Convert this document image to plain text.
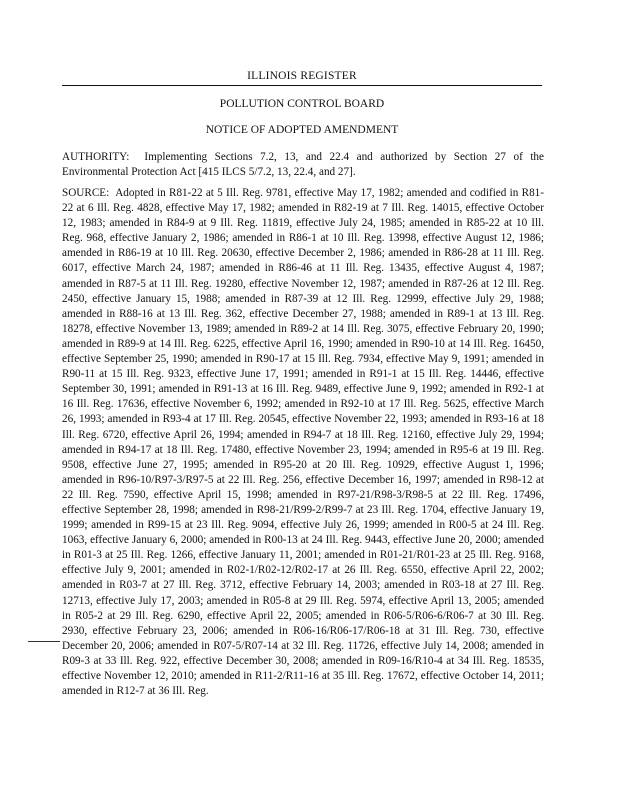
ILLINOIS REGISTER
POLLUTION CONTROL BOARD
NOTICE OF ADOPTED AMENDMENT
AUTHORITY: Implementing Sections 7.2, 13, and 22.4 and authorized by Section 27 of the Environmental Protection Act [415 ILCS 5/7.2, 13, 22.4, and 27].
SOURCE: Adopted in R81-22 at 5 Ill. Reg. 9781, effective May 17, 1982; amended and codified in R81-22 at 6 Ill. Reg. 4828, effective May 17, 1982; amended in R82-19 at 7 Ill. Reg. 14015, effective October 12, 1983; amended in R84-9 at 9 Ill. Reg. 11819, effective July 24, 1985; amended in R85-22 at 10 Ill. Reg. 968, effective January 2, 1986; amended in R86-1 at 10 Ill. Reg. 13998, effective August 12, 1986; amended in R86-19 at 10 Ill. Reg. 20630, effective December 2, 1986; amended in R86-28 at 11 Ill. Reg. 6017, effective March 24, 1987; amended in R86-46 at 11 Ill. Reg. 13435, effective August 4, 1987; amended in R87-5 at 11 Ill. Reg. 19280, effective November 12, 1987; amended in R87-26 at 12 Ill. Reg. 2450, effective January 15, 1988; amended in R87-39 at 12 Ill. Reg. 12999, effective July 29, 1988; amended in R88-16 at 13 Ill. Reg. 362, effective December 27, 1988; amended in R89-1 at 13 Ill. Reg. 18278, effective November 13, 1989; amended in R89-2 at 14 Ill. Reg. 3075, effective February 20, 1990; amended in R89-9 at 14 Ill. Reg. 6225, effective April 16, 1990; amended in R90-10 at 14 Ill. Reg. 16450, effective September 25, 1990; amended in R90-17 at 15 Ill. Reg. 7934, effective May 9, 1991; amended in R90-11 at 15 Ill. Reg. 9323, effective June 17, 1991; amended in R91-1 at 15 Ill. Reg. 14446, effective September 30, 1991; amended in R91-13 at 16 Ill. Reg. 9489, effective June 9, 1992; amended in R92-1 at 16 Ill. Reg. 17636, effective November 6, 1992; amended in R92-10 at 17 Ill. Reg. 5625, effective March 26, 1993; amended in R93-4 at 17 Ill. Reg. 20545, effective November 22, 1993; amended in R93-16 at 18 Ill. Reg. 6720, effective April 26, 1994; amended in R94-7 at 18 Ill. Reg. 12160, effective July 29, 1994; amended in R94-17 at 18 Ill. Reg. 17480, effective November 23, 1994; amended in R95-6 at 19 Ill. Reg. 9508, effective June 27, 1995; amended in R95-20 at 20 Ill. Reg. 10929, effective August 1, 1996; amended in R96-10/R97-3/R97-5 at 22 Ill. Reg. 256, effective December 16, 1997; amended in R98-12 at 22 Ill. Reg. 7590, effective April 15, 1998; amended in R97-21/R98-3/R98-5 at 22 Ill. Reg. 17496, effective September 28, 1998; amended in R98-21/R99-2/R99-7 at 23 Ill. Reg. 1704, effective January 19, 1999; amended in R99-15 at 23 Ill. Reg. 9094, effective July 26, 1999; amended in R00-5 at 24 Ill. Reg. 1063, effective January 6, 2000; amended in R00-13 at 24 Ill. Reg. 9443, effective June 20, 2000; amended in R01-3 at 25 Ill. Reg. 1266, effective January 11, 2001; amended in R01-21/R01-23 at 25 Ill. Reg. 9168, effective July 9, 2001; amended in R02-1/R02-12/R02-17 at 26 Ill. Reg. 6550, effective April 22, 2002; amended in R03-7 at 27 Ill. Reg. 3712, effective February 14, 2003; amended in R03-18 at 27 Ill. Reg. 12713, effective July 17, 2003; amended in R05-8 at 29 Ill. Reg. 5974, effective April 13, 2005; amended in R05-2 at 29 Ill. Reg. 6290, effective April 22, 2005; amended in R06-5/R06-6/R06-7 at 30 Ill. Reg. 2930, effective February 23, 2006; amended in R06-16/R06-17/R06-18 at 31 Ill. Reg. 730, effective December 20, 2006; amended in R07-5/R07-14 at 32 Ill. Reg. 11726, effective July 14, 2008; amended in R09-3 at 33 Ill. Reg. 922, effective December 30, 2008; amended in R09-16/R10-4 at 34 Ill. Reg. 18535, effective November 12, 2010; amended in R11-2/R11-16 at 35 Ill. Reg. 17672, effective October 14, 2011; amended in R12-7 at 36 Ill. Reg.
